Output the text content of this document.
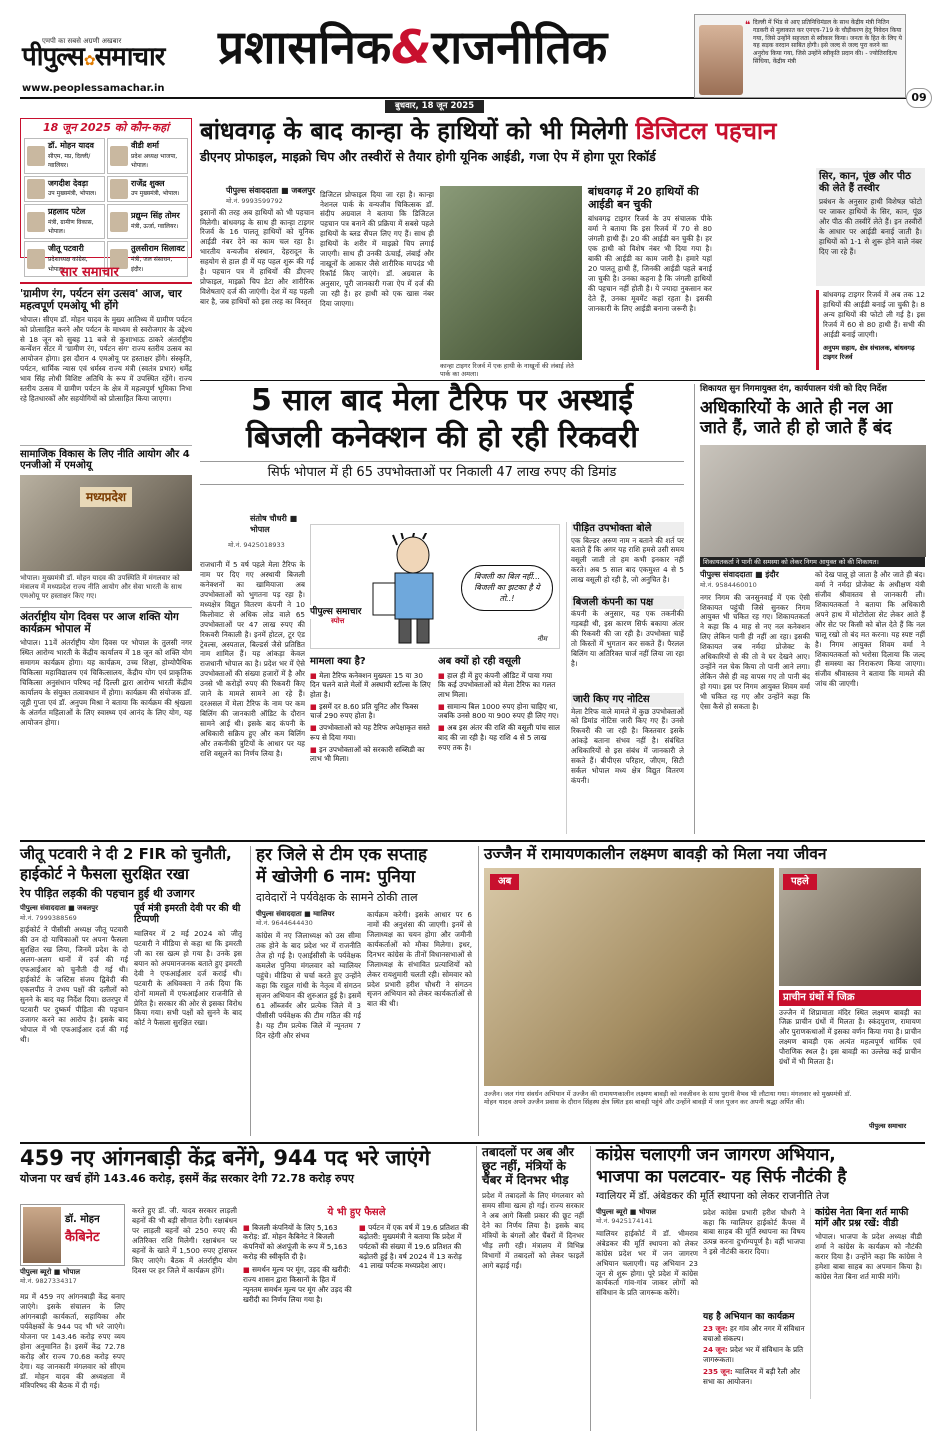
एमपी का सबसे अग्रणी अखबार
पीपुल्स✿समाचार
www.peoplessamachar.in
प्रशासनिक&राजनीतिक
बुधवार, 18 जून 2025
❝ दिल्ली में भिंड से आए प्रतिनिधिमंडल के साथ केंद्रीय मंत्री नितिन गडकरी से मुलाकात कर एनएच-719 के चौड़ीकरण हेतु निवेदन किया गया, जिसे उन्होंने सहजता से स्वीकार किया। जनता के हित के लिए ये यह सड़क वरदान साबित होगी। इसे जल्द से जल्द पूरा करने का अनुरोध किया गया, जिसे उन्होंने स्वीकृति प्रदान की। - ज्योतिरादित्य सिंधिया, केंद्रीय मंत्री
09
18 जून 2025 को कौन-कहां
डॉ. मोहन यादव
सीएम, मप्र, दिल्ली/ग्वालियर।
वीडी शर्मा
प्रदेश अध्यक्ष भाजपा, भोपाल।
जगदीश देवड़ा
उप मुख्यमंत्री, भोपाल।
राजेंद्र शुक्ल
उप मुख्यमंत्री, भोपाल।
प्रहलाद पटेल
मंत्री, ग्रामीण विकास, भोपाल।
प्रद्युम्न सिंह तोमर
मंत्री, ऊर्जा, ग्वालियर।
जीतू पटवारी
प्रदेशाध्यक्ष कांग्रेस, भोपाल।
तुलसीराम सिलावट
मंत्री, जल संसाधन, इंदौर।
सार समाचार
'ग्रामीण रंग, पर्यटन संग उत्सव' आज, चार महत्वपूर्ण एमओयू भी होंगे
भोपाल। सीएम डॉ. मोहन यादव के मुख्य आतिथ्य में ग्रामीण पर्यटन को प्रोत्साहित करने और पर्यटन के माध्यम से स्वरोजगार के उद्देश्य से 18 जून को सुबह 11 बजे से कुशाभाऊ ठाकरे अंतर्राष्ट्रीय कन्वेंशन सेंटर में 'ग्रामीण रंग, पर्यटन संग' राज्य स्तरीय उत्सव का आयोजन होगा। इस दौरान 4 एमओयू पर हस्ताक्षर होंगे। संस्कृति, पर्यटन, धार्मिक न्यास एवं धर्मस्व राज्य मंत्री (स्वतंत्र प्रभार) धर्मेंद्र भाव सिंह लोधी विशिष्ट अतिथि के रूप में उपस्थित रहेंगे। राज्य स्तरीय उत्सव में ग्रामीण पर्यटन के क्षेत्र में महत्वपूर्ण भूमिका निभा रहे हितधारकों और सहयोगियों को प्रोत्साहित किया जाएगा।
सामाजिक विकास के लिए नीति आयोग और 4 एनजीओ में एमओयू
मध्यप्रदेश
भोपाल। मुख्यमंत्री डॉ. मोहन यादव की उपस्थिति में मंगलवार को मंत्रालय में मध्यप्रदेश राज्य नीति आयोग और सेवा भारती के साथ एमओयू पर हस्ताक्षर किए गए।
अंतर्राष्ट्रीय योग दिवस पर आज शक्ति योग कार्यक्रम भोपाल में
भोपाल। 11वें अंतर्राष्ट्रीय योग दिवस पर भोपाल के तुलसी नगर स्थित आरोग्य भारती के केंद्रीय कार्यालय में 18 जून को शक्ति योग समागम कार्यक्रम होगा। यह कार्यक्रम, उच्च शिक्षा, होम्योपैथिक चिकित्सा महाविद्यालय एवं चिकित्सालय, केंद्रीय योग एवं प्राकृतिक चिकित्सा अनुसंधान परिषद नई दिल्ली द्वारा आरोग्य भारती केंद्रीय कार्यालय के संयुक्त तत्वावधान में होगा। कार्यक्रम की संयोजक डॉ. जूही गुप्ता एवं डॉ. अनुपम मिश्रा ने बताया कि कार्यक्रम की श्रृंखला के अंतर्गत महिलाओं के लिए स्वास्थ्य एवं आनंद के लिए योग, यह आयोजन होगा।
बांधवगढ़ के बाद कान्हा के हाथियों को भी मिलेगी डिजिटल पहचान
डीएनए प्रोफाइल, माइक्रो चिप और तस्वीरों से तैयार होगी यूनिक आईडी, गजा ऐप में होगा पूरा रिकॉर्ड
पीपुल्स संवाददाता ■ जबलपुर
मो.नं. 9993599792
इसानों की तरह अब हाथियों को भी पहचान मिलेगी। बांधवगढ़ के साथ ही कान्हा टाइगर रिजर्व के 16 पालतू हाथियों को यूनिक आईडी नंबर देने का काम चल रहा है। भारतीय वन्यजीव संस्थान, देहरादून के सहयोग से हाल ही में यह पहल शुरू की गई है। पहचान पत्र में हाथियों की डीएनए प्रोफाइल, माइक्रो चिप डेटा और शारीरिक विशेषताएं दर्ज की जाएंगी। देश में यह पहली बार है, जब हाथियों को इस तरह का विस्तृत
डिजिटल प्रोफाइल दिया जा रहा है। कान्हा नेशनल पार्क के वन्यजीव चिकित्सक डॉ. संदीप अग्रवाल ने बताया कि डिजिटल पहचान पत्र बनाने की प्रक्रिया में सबसे पहले हाथियों के ब्लड सैंपल लिए गए हैं। साथ ही हाथियों के शरीर में माइक्रो चिप लगाई जाएगी। साथ ही उनकी ऊंचाई, लंबाई और नाखूनों के आकार जैसे शारीरिक मापदंड भी रिकॉर्ड किए जाएंगे। डॉ. अग्रवाल के अनुसार, पूरी जानकारी गजा ऐप में दर्ज की जा रही है। हर हाथी को एक खास नंबर दिया जाएगा।
कान्हा टाइगर रिजर्व में एक हाथी के नाखूनों की लंबाई लेते पार्क का अमला।
बांधवगढ़ में 20 हाथियों की आईडी बन चुकी
बांधवगढ़ टाइगर रिजर्व के उप संचालक पीके वर्मा ने बताया कि इस रिजर्व में 70 से 80 जंगली हाथी हैं। 20 की आईडी बन चुकी है। हर एक हाथी को विशेष नंबर भी दिया गया है। बाकी की आईडी का काम जारी है। हमारे यहां 20 पालतू हाथी हैं, जिनकी आईडी पहले बनाई जा चुकी है। उनका कहना है कि जंगली हाथियों की पहचान नहीं होती है। ये ज्यादा नुकसान कर देते हैं, उनका मूवमेंट कहां रहता है। इसकी जानकारी के लिए आईडी बनाना जरूरी है।
सिर, कान, पूंछ और पीठ की लेते हैं तस्वीर
प्रबंधन के अनुसार हाथी विशेषज्ञ फोटो पर जाकर हाथियों के सिर, कान, पूंछ और पीठ की तस्वीरें लेते हैं। इन तस्वीरों के आधार पर आईडी बनाई जाती है। हाथियों को 1-1 से शुरू होने वाले नंबर दिए जा रहे हैं।
बांधवगढ़ टाइगर रिजर्व में अब तक 12 हाथियों की आईडी बनाई जा चुकी है। 8 अन्य हाथियों की फोटो ली गई है। इस रिजर्व में 60 से 80 हाथी हैं। सभी की आईडी बनाई जाएगी।
अनुपम सहाय, क्षेत्र संचालक, बांधवगढ़ टाइगर रिजर्व
5 साल बाद मेला टैरिफ पर अस्थाई
बिजली कनेक्शन की हो रही रिकवरी
सिर्फ भोपाल में ही 65 उपभोक्ताओं पर निकाली 47 लाख रुपए की डिमांड
संतोष चौधरी ■ भोपाल
मो.नं. 9425018933
राजधानी में 5 वर्ष पहले मेला टैरिफ के नाम पर दिए गए अस्थायी बिजली कनेक्शनों का खामियाजा अब उपभोक्ताओं को भुगतना पड़ रहा है। मध्यक्षेत्र विद्युत वितरण कंपनी ने 10 किलोवाट से अधिक लोड वाले 65 उपभोक्ताओं पर 47 लाख रुपए की रिकवरी निकाली है। इनमें होटल, टूर एंड ट्रेवल्स, अस्पताल, बिल्डर्स जैसे प्रतिष्ठित नाम शामिल हैं। यह आंकड़ा केवल राजधानी भोपाल का है। प्रदेश भर में ऐसे उपभोक्ताओं की संख्या हजारों में है और उनसे भी करोड़ों रुपए की रिकवरी किए जाने के मामले सामने आ रहे हैं। दरअसल में मेला टैरिफ के नाम पर कम बिलिंग की जानकारी ऑडिट के दौरान सामने आई थी। इसके बाद कंपनी के अधिकारी सक्रिय हुए और कम बिलिंग और तकनीकी त्रुटियों के आधार पर यह राशि वसूलने का निर्णय लिया है।
पीपुल्स समाचार
स्पोत्त
बिजली का बिल नहीं... बिजली का झटका है ये तो..!
नीम
मामला क्या है?
■ मेला टैरिफ कनेक्शन मुख्यतः 15 या 30 दिन चलने वाले मेलों में अस्थायी स्टॉल्स के लिए होता है।
■ इसमें दर 8.60 प्रति यूनिट और फिक्स चार्ज 290 रुपए होता है।
■ उपभोक्ताओं को यह टैरिफ अपेक्षाकृत सस्ते रूप से दिया गया।
■ इन उपभोक्ताओं को सरकारी सब्सिडी का लाभ भी मिला।
अब क्यों हो रही वसूली
■ हाल ही में हुए कंपनी ऑडिट में पाया गया कि कई उपभोक्ताओं को मेला टैरिफ का गलत लाभ मिला।
■ सामान्य बिल 1000 रुपए होना चाहिए था, जबकि उनसे 800 या 900 रुपए ही लिए गए।
■ अब इस अंतर की राशि की वसूली पांच साल बाद की जा रही है। यह राशि 4 से 5 लाख रुपए तक है।
पीड़ित उपभोक्ता बोले
एक बिल्डर अरुण नाम न बताने की शर्त पर बताते हैं कि अगर यह राशि हमसे उसी समय वसूली जाती तो हम कभी इनकार नहीं करते। अब 5 साल बाद एकमुश्त 4 से 5 लाख वसूली हो रही है, जो अनुचित है।
बिजली कंपनी का पक्ष
कंपनी के अनुसार, यह एक तकनीकी गड़बड़ी थी, इस कारण सिर्फ बकाया अंतर की रिकवरी की जा रही है। उपभोक्ता चाहें तो किस्तों में भुगतान कर सकते हैं। पैरलल बिलिंग या अतिरिक्त चार्ज नहीं लिया जा रहा है।
जारी किए गए नोटिस
मेला टैरिफ वाले मामले में कुछ उपभोक्ताओं को डिमांड नोटिस जारी किए गए हैं। उनसे रिकवरी की जा रही है। किस्तवार इसके आंकड़े बताना संभव नहीं है। संबंधित अधिकारियों से इस संबंध में जानकारी ले सकते हैं। बीपीएस परिहार, जीएम, सिटी सर्कल भोपाल मध्य क्षेत्र विद्युत वितरण कंपनी।
शिकायत सुन निगमायुक्त दंग, कार्यपालन यंत्री को दिए निर्देश
अधिकारियों के आते ही नल आ जाते हैं, जाते ही हो जाते हैं बंद
शिकायतकर्ता ने पानी की समस्या को लेकर निगम आयुक्त को की शिकायत।
पीपुल्स संवाददाता ■ इंदौर
मो.नं. 9584460010
नगर निगम की जनसुनवाई में एक ऐसी शिकायत पहुंची जिसे सुनकर निगम आयुक्त भी चकित रह गए। शिकायतकर्ता ने कहा कि 4 माह से नए नल कनेक्शन लिए लेकिन पानी ही नहीं आ रहा। इसकी शिकायत जब नर्मदा प्रोजेक्ट के अधिकारियों से की तो वे घर देखने आए। उन्होंने नल चेक किया तो पानी आने लगा। लेकिन जैसे ही वह वापस गए तो पानी बंद हो गया। इस पर निगम आयुक्त शिवम वर्मा भी चकित रह गए और उन्होंने कहा कि ऐसा कैसे हो सकता है।
को देख पालू हो जाता है और जाते ही बंद। वर्मा ने नर्मदा प्रोजेक्ट के अधीक्षण यंत्री संजीव श्रीवास्तव से जानकारी ली। शिकायतकर्ता ने बताया कि अधिकारी अपने हाथ में मोटोरोला सेट लेकर आते हैं और सेट पर किसी को बोल देते हैं कि नल चालू रखो तो बंद मत करना। यह स्पष्ट नहीं है। निगम आयुक्त शिवम वर्मा ने शिकायतकर्ता को भरोसा दिलाया कि जल्द ही समस्या का निराकरण किया जाएगा। संजीव श्रीवास्तव ने बताया कि मामले की जांच की जाएगी।
जीतू पटवारी ने दी 2 FIR को चुनौती,
हाईकोर्ट ने फैसला सुरक्षित रखा
रेप पीड़ित लड़की की पहचान हुई थी उजागर
पीपुल्स संवाददाता ■ जबलपुर
मो.नं. 7999388569
हाईकोर्ट ने पीसीसी अध्यक्ष जीतू पटवारी की उन दो याचिकाओं पर अपना फैसला सुरक्षित रख लिया, जिनमें प्रदेश के दो अलग-अलग थानों में दर्ज की गई एफआईआर को चुनौती दी गई थी। हाईकोर्ट के जस्टिस संजय द्विवेदी की एकलपीठ ने उभय पक्षों की दलीलों को सुनने के बाद यह निर्देश दिया। छतरपुर में पटवारी पर दुष्कर्म पीड़िता की पहचान उजागर करने का आरोप है। इसके बाद भोपाल में भी एफआईआर दर्ज की गई थी।
पूर्व मंत्री इमरती देवी पर की थी टिप्पणी
ग्वालियर में 2 मई 2024 को जीतू पटवारी ने मीडिया से कहा था कि इमरती जी का रस खत्म हो गया है। उनके इस बयान को अपमानजनक बताते हुए इमरती देवी ने एफआईआर दर्ज कराई थी। पटवारी के अधिवक्ता ने तर्क दिया कि दोनों मामलों में एफआईआर राजनीति से प्रेरित है। सरकार की ओर से इसका विरोध किया गया। सभी पक्षों को सुनने के बाद कोर्ट ने फैसला सुरक्षित रखा।
हर जिले से टीम एक सप्ताह
में खोजेगी 6 नाम: पुनिया
दावेदारों ने पर्यवेक्षक के सामने ठोकी ताल
पीपुल्स संवाददाता ■ ग्वालियर
मो.नं. 9644644430
कांग्रेस में नए जिलाध्यक्ष को उस सीमा तक होने के बाद प्रदेश भर में राजनीति तेज हो गई है। एआईसीसी के पर्यवेक्षक कमलेश पुनिया मंगलवार को ग्वालियर पहुंचे। मीडिया से चर्चा करते हुए उन्होंने कहा कि राहुल गांधी के नेतृत्व में संगठन सृजन अभियान की शुरुआत हुई है। इसमें 61 ऑब्जर्वर और प्रत्येक जिले में 3 पीसीसी पर्यवेक्षक की टीम गठित की गई है। यह टीम प्रत्येक जिले में न्यूनतम 7 दिन रहेगी और संभव
कार्यक्रम करेगी। इसके आधार पर 6 नामों की अनुशंसा की जाएगी। इनमें से जिलाध्यक्ष का चयन होगा और जमीनी कार्यकर्ताओं को मौका मिलेगा। इधर, दिनभर कांग्रेस के तीनों विधानसभाओं से जिलाध्यक्ष के संभावित प्रत्याशियों को लेकर रायशुमारी चलती रही। सोमवार को प्रदेश प्रभारी हरीश चौधरी ने संगठन सृजन अभियान को लेकर कार्यकर्ताओं से बात की थी।
उज्जैन में रामायणकालीन लक्ष्मण बावड़ी को मिला नया जीवन
अब	पहले
प्राचीन ग्रंथों में जिक्र
उज्जैन में शिप्रामाता मंदिर स्थित लक्ष्मण बावड़ी का जिक्र प्राचीन ग्रंथों में मिलता है। स्कंदपुराण, रामायण और पुराणकथाओं में इसका वर्णन किया गया है। प्राचीन लक्ष्मण बावड़ी एक अत्यंत महत्वपूर्ण धार्मिक एवं पौराणिक स्थल है। इस बावड़ी का उल्लेख कई प्राचीन ग्रंथों में भी मिलता है।
उज्जैन। जल गंगा संवर्धन अभियान में उज्जैन की रामायणकालीन लक्ष्मण बावड़ी को नवजीवन के साथ पुरानी वैभव भी लौटाया गया। मंगलवार को मुख्यमंत्री डॉ. मोहन यादव अपने उज्जैन प्रवास के दौरान सिंहस्थ क्षेत्र स्थित इस बावड़ी पहुंचे और उन्होंने बावड़ी में जल पूजन कर अपनी श्रद्धा अर्पित की।
पीपुल्स समाचार
459 नए आंगनबाड़ी केंद्र बनेंगे, 944 पद भरे जाएंगे
योजना पर खर्च होंगे 143.46 करोड़, इसमें केंद्र सरकार देगी 72.78 करोड़ रुपए
डॉ. मोहन
कैबिनेट
पीपुल्स ब्यूरो ■ भोपाल
मो.नं. 9827334317
मप्र में 459 नए आंगनबाड़ी केंद्र बनाए जाएंगे। इसके संचालन के लिए आंगनबाड़ी कार्यकर्ता, सहायिका और पर्यवेक्षकों के 944 पद भी भरे जाएंगे। योजना पर 143.46 करोड़ रुपए व्यय होना अनुमानित है। इसमें केंद्र 72.78 करोड़ और राज्य 70.68 करोड़ रुपए देगा। यह जानकारी मंगलवार को सीएम डॉ. मोहन यादव की अध्यक्षता में मंत्रिपरिषद की बैठक में दी गई।
करते हुए डॉ. जी. यादव सरकार लाड़ली बहनों की भी बड़ी सौगात देगी। रक्षाबंधन पर लाड़ली बहनों को 250 रुपए की अतिरिक्त राशि मिलेगी। रक्षाबंधन पर बहनों के खाते में 1,500 रुपए ट्रांसफर किए जाएंगे। बैठक में अंतर्राष्ट्रीय योग दिवस पर हर जिले में कार्यक्रम होंगे।
ये भी हुए फैसले
■ बिजली कंपनियों के लिए 5,163 करोड़: डॉ. मोहन कैबिनेट ने बिजली कंपनियों को अंशपूंजी के रूप में 5,163 करोड़ की स्वीकृति दी है।
■ समर्थन मूल्य पर मूंग, उड़द की खरीदी: राज्य शासन द्वारा किसानों के हित में न्यूनतम समर्थन मूल्य पर मूंग और उड़द की खरीदी का निर्णय लिया गया है।
■ पर्यटन में एक वर्ष में 19.6 प्रतिशत की बढ़ोतरी: मुख्यमंत्री ने बताया कि प्रदेश में पर्यटकों की संख्या में 19.6 प्रतिशत की बढ़ोतरी हुई है। वर्ष 2024 में 13 करोड़ 41 लाख पर्यटक मध्यप्रदेश आए।
तबादलों पर अब और छूट नहीं, मंत्रियों के चैंबर में दिनभर भीड़
प्रदेश में तबादलों के लिए मंगलवार को समय सीमा खत्म हो गई। राज्य सरकार ने अब आगे किसी प्रकार की छूट नहीं देने का निर्णय लिया है। इसके बाद मंत्रियों के बंगलों और चैंबरों में दिनभर भीड़ लगी रही। मंत्रालय में विभिन्न विभागों में तबादलों को लेकर फाइलें आगे बढ़ाई गईं।
कांग्रेस चलाएगी जन जागरण अभियान,
भाजपा का पलटवार- यह सिर्फ नौटंकी है
ग्वालियर में डॉ. अंबेडकर की मूर्ति स्थापना को लेकर राजनीति तेज
पीपुल्स ब्यूरो ■ भोपाल
मो.नं. 9425174141
ग्वालियर हाईकोर्ट में डॉ. भीमराव अंबेडकर की मूर्ति स्थापना को लेकर कांग्रेस प्रदेश भर में जन जागरण अभियान चलाएगी। यह अभियान 23 जून से शुरू होगा। पूरे प्रदेश में कांग्रेस कार्यकर्ता गांव-गांव जाकर लोगों को संविधान के प्रति जागरूक करेंगे।
प्रदेश कांग्रेस प्रभारी हरीश चौधरी ने कहा कि ग्वालियर हाईकोर्ट कैंपस में बाबा साहब की मूर्ति स्थापना का विषय उत्पन्न करना दुर्भाग्यपूर्ण है। वहीं भाजपा ने इसे नौटंकी करार दिया।
यह है अभियान का कार्यक्रम
23 जून: हर गांव और नगर में संविधान बचाओ संकल्प।
24 जून: प्रदेश भर में संविधान के प्रति जागरूकता।
235 जून: ग्वालियर में बड़ी रैली और सभा का आयोजन।
कांग्रेस नेता बिना शर्त माफी मांगें और प्रश्न रखें: वीडी
भोपाल। भाजपा के प्रदेश अध्यक्ष वीडी शर्मा ने कांग्रेस के कार्यक्रम को नौटंकी करार दिया है। उन्होंने कहा कि कांग्रेस ने हमेशा बाबा साहब का अपमान किया है। कांग्रेस नेता बिना शर्त माफी मांगें।
